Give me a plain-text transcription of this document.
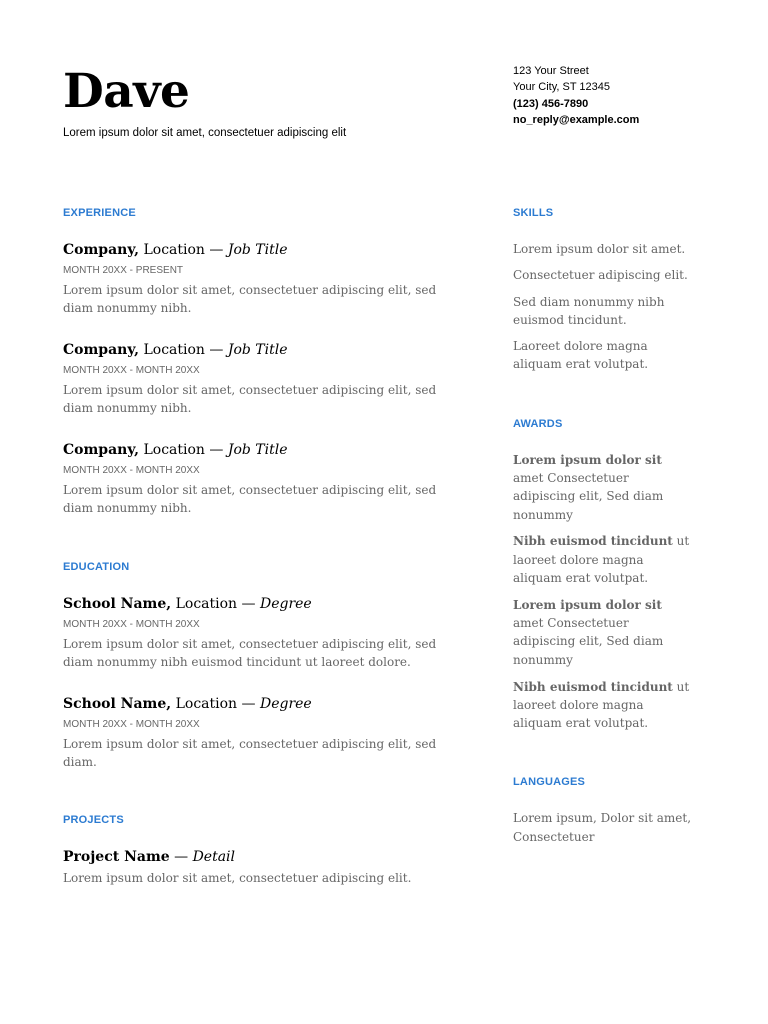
Dave
Lorem ipsum dolor sit amet, consectetuer adipiscing elit
123 Your Street
Your City, ST 12345
(123) 456-7890
no_reply@example.com
EXPERIENCE
Company, Location — Job Title
MONTH 20XX - PRESENT
Lorem ipsum dolor sit amet, consectetuer adipiscing elit, sed diam nonummy nibh.
Company, Location — Job Title
MONTH 20XX - MONTH 20XX
Lorem ipsum dolor sit amet, consectetuer adipiscing elit, sed diam nonummy nibh.
Company, Location — Job Title
MONTH 20XX - MONTH 20XX
Lorem ipsum dolor sit amet, consectetuer adipiscing elit, sed diam nonummy nibh.
EDUCATION
School Name, Location — Degree
MONTH 20XX - MONTH 20XX
Lorem ipsum dolor sit amet, consectetuer adipiscing elit, sed diam nonummy nibh euismod tincidunt ut laoreet dolore.
School Name, Location — Degree
MONTH 20XX - MONTH 20XX
Lorem ipsum dolor sit amet, consectetuer adipiscing elit, sed diam.
PROJECTS
Project Name — Detail
Lorem ipsum dolor sit amet, consectetuer adipiscing elit.
SKILLS
Lorem ipsum dolor sit amet.
Consectetuer adipiscing elit.
Sed diam nonummy nibh euismod tincidunt.
Laoreet dolore magna aliquam erat volutpat.
AWARDS
Lorem ipsum dolor sit amet Consectetuer adipiscing elit, Sed diam nonummy
Nibh euismod tincidunt ut laoreet dolore magna aliquam erat volutpat.
Lorem ipsum dolor sit amet Consectetuer adipiscing elit, Sed diam nonummy
Nibh euismod tincidunt ut laoreet dolore magna aliquam erat volutpat.
LANGUAGES
Lorem ipsum, Dolor sit amet, Consectetuer
